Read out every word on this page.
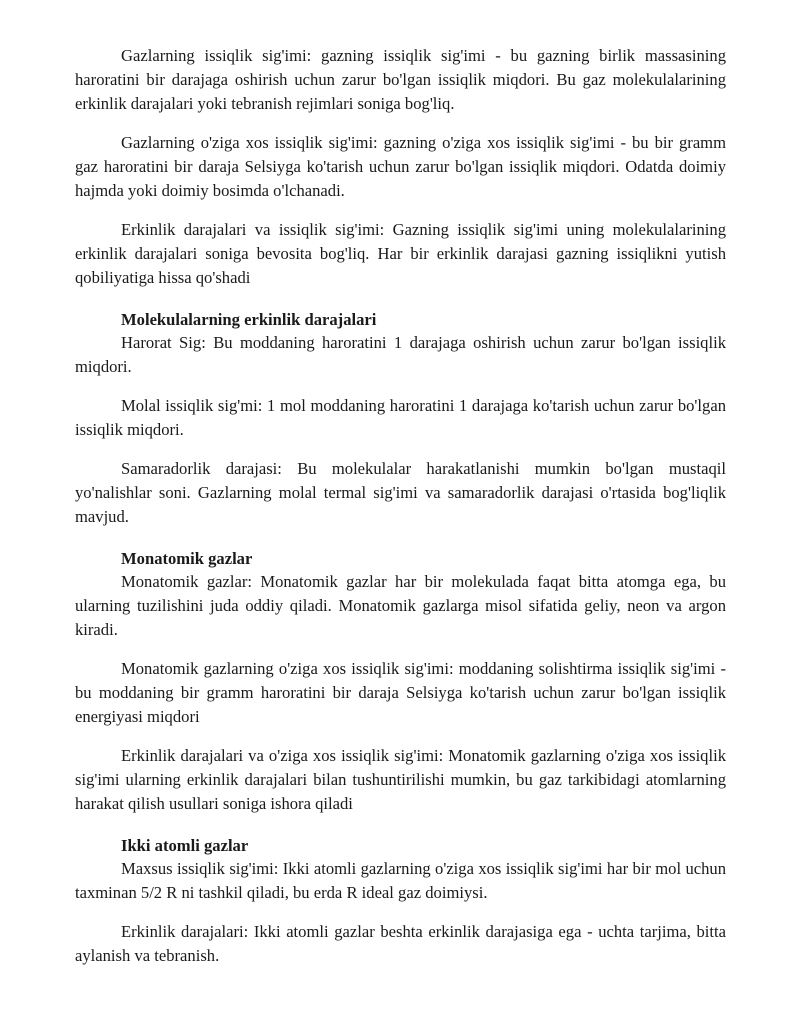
Gazlarning issiqlik sig'imi: gazning issiqlik sig'imi - bu gazning birlik massasining haroratini bir darajaga oshirish uchun zarur bo'lgan issiqlik miqdori. Bu gaz molekulalarining erkinlik darajalari yoki tebranish rejimlari soniga bog'liq.

Gazlarning o'ziga xos issiqlik sig'imi: gazning o'ziga xos issiqlik sig'imi - bu bir gramm gaz haroratini bir daraja Selsiyga ko'tarish uchun zarur bo'lgan issiqlik miqdori. Odatda doimiy hajmda yoki doimiy bosimda o'lchanadi.

Erkinlik darajalari va issiqlik sig'imi: Gazning issiqlik sig'imi uning molekulalarining erkinlik darajalari soniga bevosita bog'liq. Har bir erkinlik darajasi gazning issiqlikni yutish qobiliyatiga hissa qo'shadi

Molekulalarning erkinlik darajalari

Harorat Sig: Bu moddaning haroratini 1 darajaga oshirish uchun zarur bo'lgan issiqlik miqdori.

Molal issiqlik sig'mi: 1 mol moddaning haroratini 1 darajaga ko'tarish uchun zarur bo'lgan issiqlik miqdori.

Samaradorlik darajasi: Bu molekulalar harakatlanishi mumkin bo'lgan mustaqil yo'nalishlar soni. Gazlarning molal termal sig'imi va samaradorlik darajasi o'rtasida bog'liqlik mavjud.

Monatomik gazlar

Monatomik gazlar: Monatomik gazlar har bir molekulada faqat bitta atomga ega, bu ularning tuzilishini juda oddiy qiladi. Monatomik gazlarga misol sifatida geliy, neon va argon kiradi.

Monatomik gazlarning o'ziga xos issiqlik sig'imi: moddaning solishtirma issiqlik sig'imi - bu moddaning bir gramm haroratini bir daraja Selsiyga ko'tarish uchun zarur bo'lgan issiqlik energiyasi miqdori

Erkinlik darajalari va o'ziga xos issiqlik sig'imi: Monatomik gazlarning o'ziga xos issiqlik sig'imi ularning erkinlik darajalari bilan tushuntirilishi mumkin, bu gaz tarkibidagi atomlarning harakat qilish usullari soniga ishora qiladi

Ikki atomli gazlar

Maxsus issiqlik sig'imi: Ikki atomli gazlarning o'ziga xos issiqlik sig'imi har bir mol uchun taxminan 5/2 R ni tashkil qiladi, bu erda R ideal gaz doimiysi.

Erkinlik darajalari: Ikki atomli gazlar beshta erkinlik darajasiga ega - uchta tarjima, bitta aylanish va tebranish.
